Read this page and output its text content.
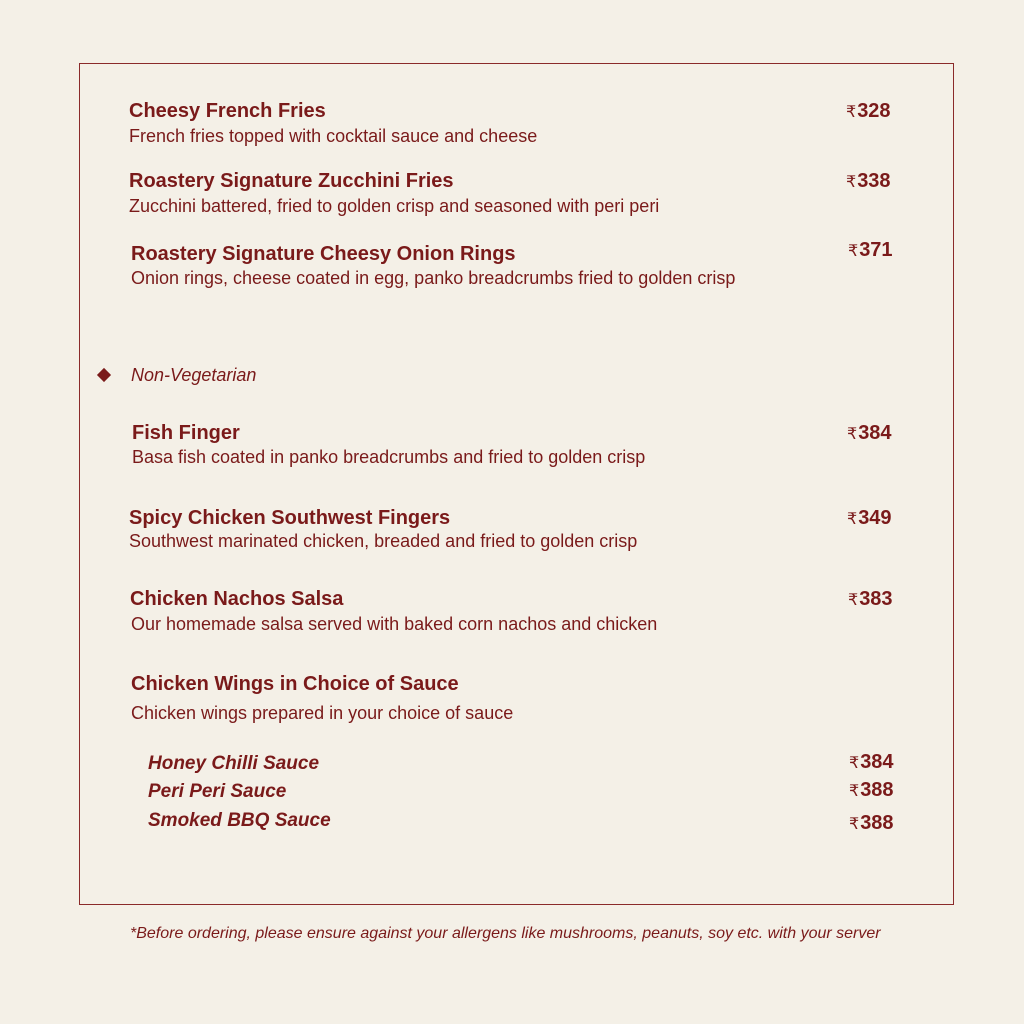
Cheesy French Fries
French fries topped with cocktail sauce and cheese
₹328
Roastery Signature Zucchini Fries
Zucchini battered, fried to golden crisp and seasoned with peri peri
₹338
Roastery Signature Cheesy Onion Rings
Onion rings, cheese coated in egg, panko breadcrumbs fried to golden crisp
₹371
Non-Vegetarian
Fish Finger
Basa fish coated in panko breadcrumbs and fried to golden crisp
₹384
Spicy Chicken Southwest Fingers
Southwest marinated chicken, breaded and fried to golden crisp
₹349
Chicken Nachos Salsa
Our homemade salsa served with baked corn nachos and chicken
₹383
Chicken Wings in Choice of Sauce
Chicken wings prepared in your choice of sauce
Honey Chilli Sauce	₹384
Peri Peri Sauce	₹388
Smoked BBQ Sauce	₹388
*Before ordering, please ensure against your allergens like mushrooms, peanuts, soy etc. with your server
